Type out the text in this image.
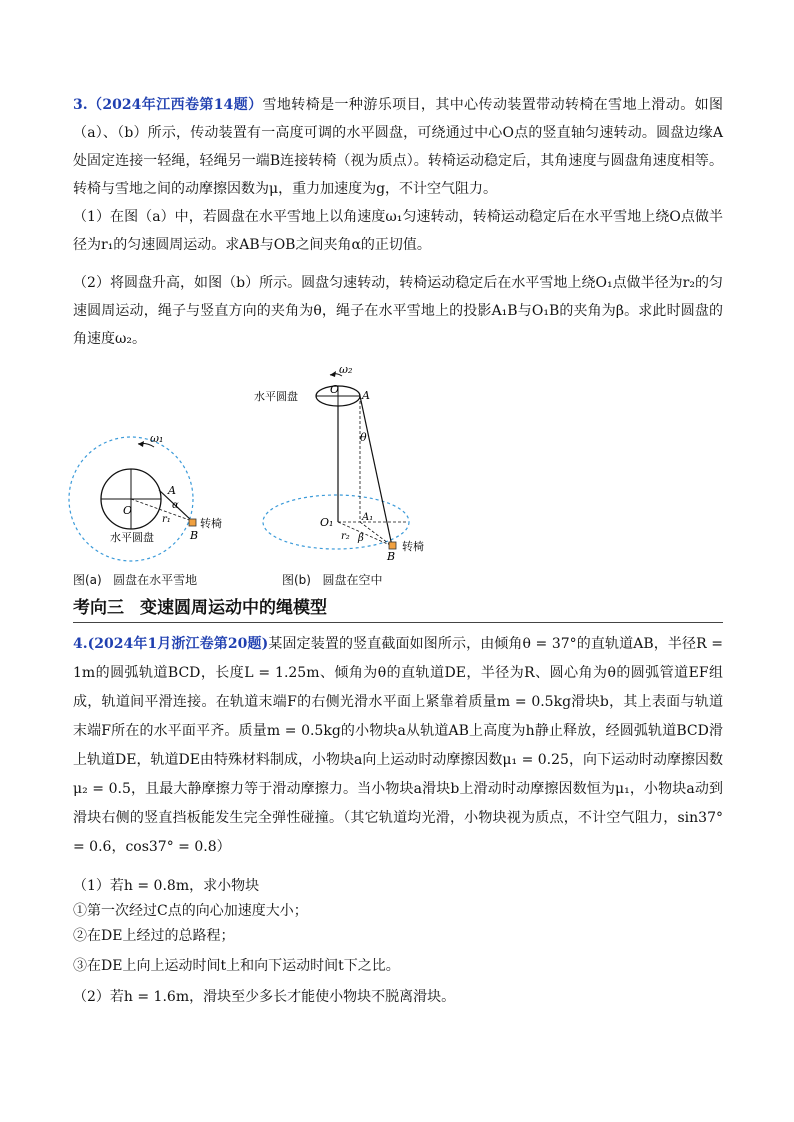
3.（2024年江西卷第14题）雪地转椅是一种游乐项目，其中心传动装置带动转椅在雪地上滑动。如图（a）、（b）所示，传动装置有一高度可调的水平圆盘，可绕通过中心O点的竖直轴匀速转动。圆盘边缘A处固定连接一轻绳，轻绳另一端B连接转椅（视为质点）。转椅运动稳定后，其角速度与圆盘角速度相等。转椅与雪地之间的动摩擦因数为μ，重力加速度为g，不计空气阻力。
（1）在图（a）中，若圆盘在水平雪地上以角速度ω₁匀速转动，转椅运动稳定后在水平雪地上绕O点做半径为r₁的匀速圆周运动。求AB与OB之间夹角α的正切值。
（2）将圆盘升高，如图（b）所示。圆盘匀速转动，转椅运动稳定后在水平雪地上绕O₁点做半径为r₂的匀速圆周运动，绳子与竖直方向的夹角为θ，绳子在水平雪地上的投影A₁B与O₁B的夹角为β。求此时圆盘的角速度ω₂。
ω₁
A
O
r₁
α
B
转椅
水平圆盘
图(a) 圆盘在水平雪地
ω₂
水平圆盘
O A
θ
O₁	A₁
r₂ β
B
转椅
图(b) 圆盘在空中
考向三 变速圆周运动中的绳模型
4.(2024年1月浙江卷第20题)某固定装置的竖直截面如图所示，由倾角θ = 37°的直轨道AB，半径R = 1m的圆弧轨道BCD，长度L = 1.25m、倾角为θ的直轨道DE，半径为R、圆心角为θ的圆弧管道EF组成，轨道间平滑连接。在轨道末端F的右侧光滑水平面上紧靠着质量m = 0.5kg滑块b，其上表面与轨道末端F所在的水平面平齐。质量m = 0.5kg的小物块a从轨道AB上高度为h静止释放，经圆弧轨道BCD滑上轨道DE，轨道DE由特殊材料制成，小物块a向上运动时动摩擦因数μ₁ = 0.25，向下运动时动摩擦因数μ₂ = 0.5，且最大静摩擦力等于滑动摩擦力。当小物块a滑块b上滑动时动摩擦因数恒为μ₁，小物块a动到滑块右侧的竖直挡板能发生完全弹性碰撞。（其它轨道均光滑，小物块视为质点，不计空气阻力，sin37° = 0.6，cos37° = 0.8）
（1）若h = 0.8m，求小物块
①第一次经过C点的向心加速度大小；
②在DE上经过的总路程；
③在DE上向上运动时间t上和向下运动时间t下之比。
（2）若h = 1.6m，滑块至少多长才能使小物块不脱离滑块。
